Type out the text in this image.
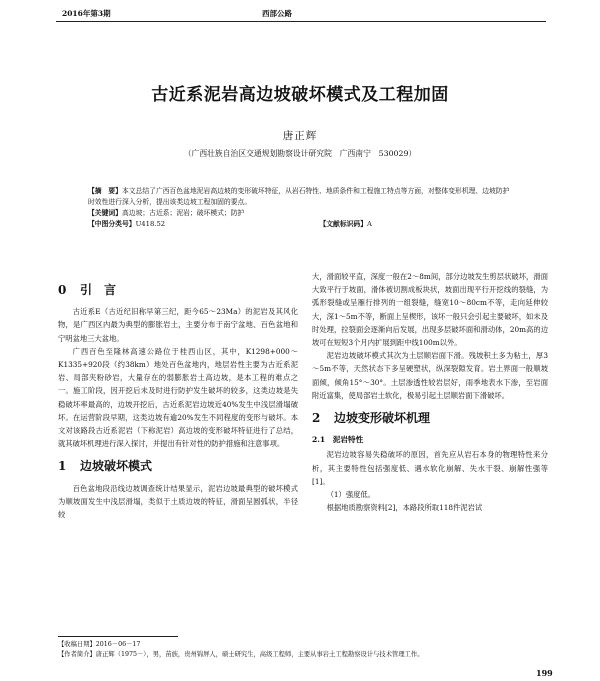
2016年第3期	西部公路
古近系泥岩高边坡破坏模式及工程加固
唐正辉
（广西壮族自治区交通规划勘察设计研究院　广西南宁　530029）

【摘　要】本文总结了广西百色盆地泥岩高边坡的变形破坏特征，从岩石特性、地质条件和工程施工特点等方面，对整体变形机理、边坡防护时效性进行深入分析，提出该类边坡工程加固的要点。

【关键词】高边坡；古近系；泥岩；破坏模式；防护

【中图分类号】U418.52	【文献标识码】A

0 引　言

古近系E（古近纪旧称早第三纪，距今65～23Ma）的泥岩及其风化物，是广西区内最为典型的膨胀岩土，主要分布于南宁盆地、百色盆地和宁明盆地三大盆地。

广西百色至隆林高速公路位于桂西山区，其中，K1298+000～K1335+920段（约38km）地处百色盆地内，地层岩性主要为古近系泥岩、局部夹粉砂岩，大量存在的弱膨胀岩土高边坡，是本工程的难点之一。施工阶段，因开挖后未及时进行防护发生破坏的较多，这类边坡是失稳破坏率最高的，边坡开挖后，古近系泥岩边坡近40%发生中浅层滑塌破坏。在运营阶段早期，这类边坡有逾20%发生不同程度的变形与破坏。本文对该路段古近系泥岩（下称泥岩）高边坡的变形破坏特征进行了总结，就其破坏机理进行深入探讨，并提出有针对性的防护措施和注意事项。

1 边坡破坏模式

百色盆地段沿线边坡调查统计结果显示，泥岩边坡最典型的破坏模式为顺坡面发生中浅层滑塌，类似于土质边坡的特征，滑面呈圆弧状，半径较

大，滑面较平直，深度一般在2～8m间，部分边坡发生剪层状破坏，滑面大致平行于坡面，滑体被切割成板块状，坡面出现平行开挖线的裂缝，为弧形裂缝或呈雁行排列的一组裂缝，缝宽10～80cm不等，走向延伸较大，深1～5m不等，断面上呈楔形，该坏一般只会引起主要破坏，如未及时处理，拉裂面会逐渐向后发展，出现多层破坏面和滑动体，20m高的边坡可在短短3个月内扩展到距中线100m以外。

泥岩边坡破坏模式其次为土层顺岩面下滑。残坡积土多为粘土，厚3～5m不等，天然状态下多呈硬塑状，纵深裂隙发育。岩土界面一般顺坡面倾，倾角15°～30°。土层渗透性较岩层好，雨季地表水下渗，至岩面附近富集，使局部岩土软化，极易引起土层顺岩面下滑破坏。

2 边坡变形破坏机理
2.1　泥岩特性

泥岩边坡容易失稳破坏的原因，首先应从岩石本身的物理特性来分析，其主要特性包括强度低、遇水软化崩解、失水干裂、崩解性强等[1]。

（1）强度低。

根据地质勘察资料[2]，本路段所取118件泥岩试

【收稿日期】2016－06－17
【作者简介】唐正辉（1975－），男，苗族，贵州锦屏人，硕士研究生，高级工程师，主要从事岩土工程勘察设计与技术管理工作。
199
